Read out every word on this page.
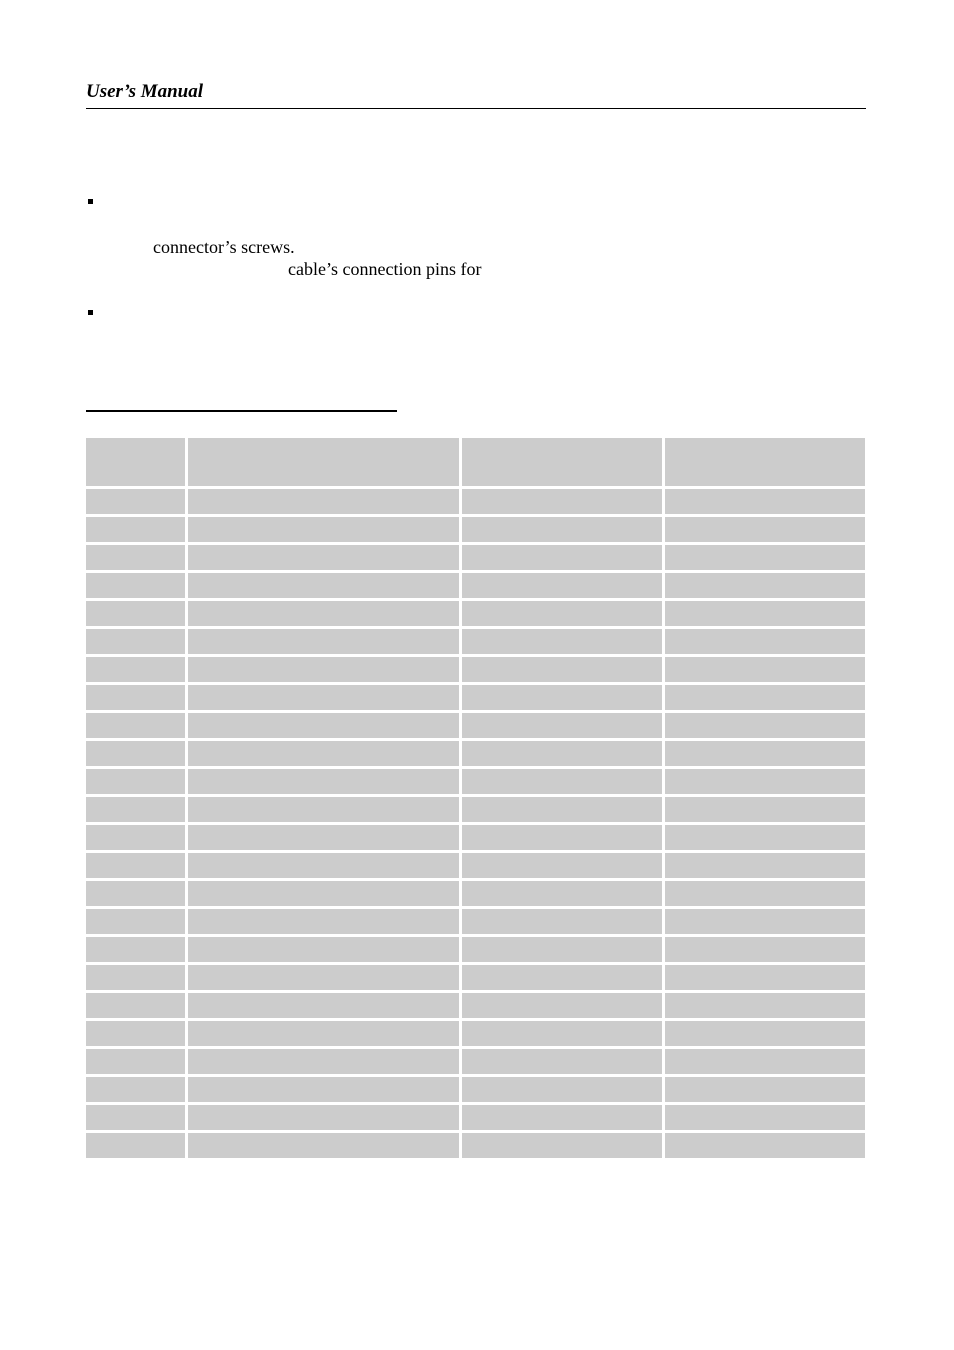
User’s Manual
connector’s screws.
cable’s connection pins for
